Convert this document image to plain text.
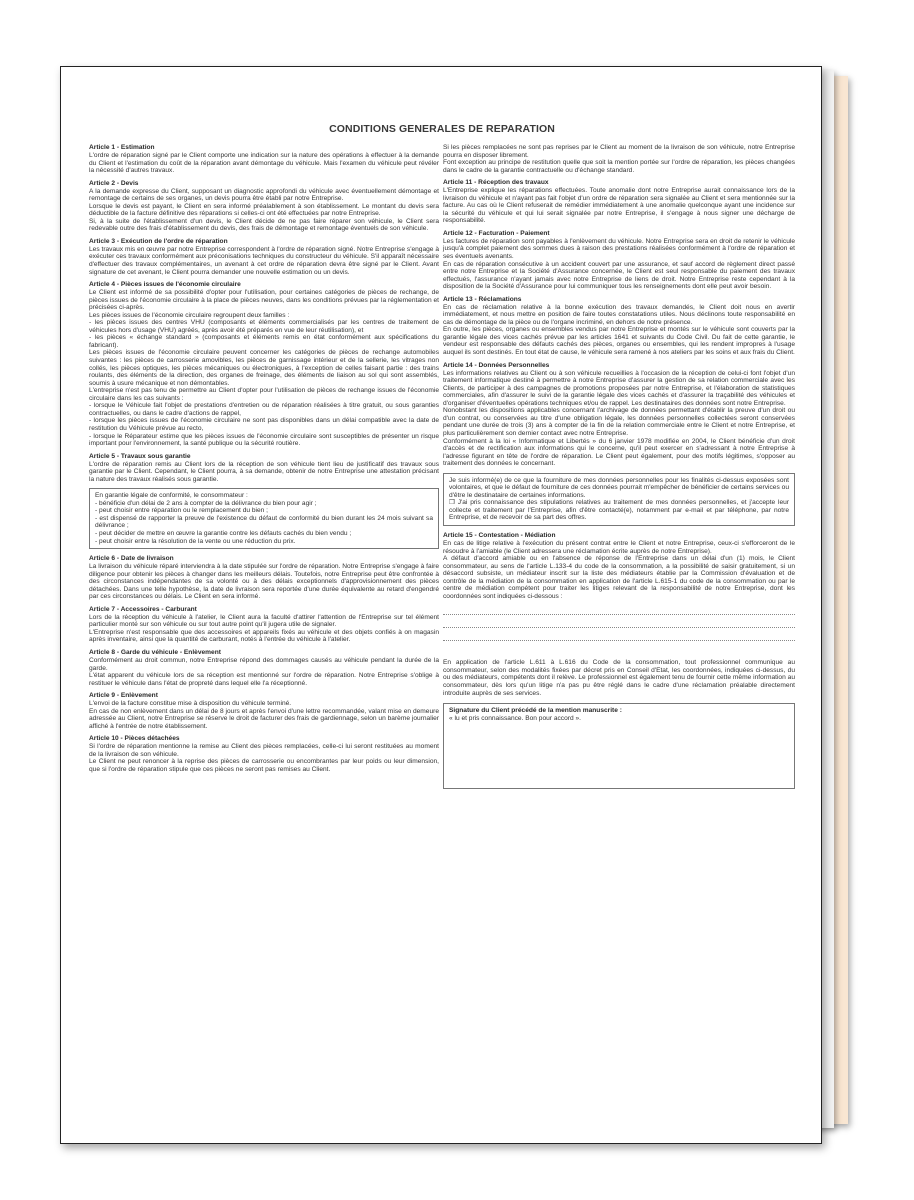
CONDITIONS GENERALES DE REPARATION
Article 1 - Estimation

L'ordre de réparation signé par le Client comporte une indication sur la nature des opérations à effectuer à la demande du Client et l'estimation du coût de la réparation avant démontage du véhicule. Mais l'examen du véhicule peut révéler la nécessité d'autres travaux.

Article 2 - Devis

A la demande expresse du Client, supposant un diagnostic approfondi du véhicule avec éventuellement démontage et remontage de certains de ses organes, un devis pourra être établi par notre Entreprise.

Lorsque le devis est payant, le Client en sera informé préalablement à son établissement. Le montant du devis sera déductible de la facture définitive des réparations si celles-ci ont été effectuées par notre Entreprise.

Si, à la suite de l'établissement d'un devis, le Client décide de ne pas faire réparer son véhicule, le Client sera redevable outre des frais d'établissement du devis, des frais de démontage et remontage éventuels de son véhicule.

Article 3 - Exécution de l'ordre de réparation

Les travaux mis en œuvre par notre Entreprise correspondent à l'ordre de réparation signé. Notre Entreprise s'engage à exécuter ces travaux conformément aux préconisations techniques du constructeur du véhicule. S'il apparaît nécessaire d'effectuer des travaux complémentaires, un avenant à cet ordre de réparation devra être signé par le Client. Avant signature de cet avenant, le Client pourra demander une nouvelle estimation ou un devis.

Article 4 - Pièces issues de l'économie circulaire

Le Client est informé de sa possibilité d'opter pour l'utilisation, pour certaines catégories de pièces de rechange, de pièces issues de l'économie circulaire à la place de pièces neuves, dans les conditions prévues par la réglementation et précisées ci-après.

Les pièces issues de l'économie circulaire regroupent deux familles :

- les pièces issues des centres VHU (composants et éléments commercialisés par les centres de traitement de véhicules hors d'usage (VHU) agréés, après avoir été préparés en vue de leur réutilisation), et

- les pièces « échange standard » (composants et éléments remis en état conformément aux spécifications du fabricant).

Les pièces issues de l'économie circulaire peuvent concerner les catégories de pièces de rechange automobiles suivantes : les pièces de carrosserie amovibles, les pièces de garnissage intérieur et de la sellerie, les vitrages non collés, les pièces optiques, les pièces mécaniques ou électroniques, à l'exception de celles faisant partie : des trains roulants, des éléments de la direction, des organes de freinage, des éléments de liaison au sol qui sont assemblés, soumis à usure mécanique et non démontables.

L'entreprise n'est pas tenu de permettre au Client d'opter pour l'utilisation de pièces de rechange issues de l'économie circulaire dans les cas suivants :

- lorsque le Véhicule fait l'objet de prestations d'entretien ou de réparation réalisées à titre gratuit, ou sous garanties contractuelles, ou dans le cadre d'actions de rappel,

- lorsque les pièces issues de l'économie circulaire ne sont pas disponibles dans un délai compatible avec la date de restitution du Véhicule prévue au recto,

- lorsque le Réparateur estime que les pièces issues de l'économie circulaire sont susceptibles de présenter un risque important pour l'environnement, la santé publique ou la sécurité routière.

Article 5 - Travaux sous garantie

L'ordre de réparation remis au Client lors de la réception de son véhicule tient lieu de justificatif des travaux sous garantie par le Client. Cependant, le Client pourra, à sa demande, obtenir de notre Entreprise une attestation précisant la nature des travaux réalisés sous garantie.

En garantie légale de conformité, le consommateur :

- bénéficie d'un délai de 2 ans à compter de la délivrance du bien pour agir ;

- peut choisir entre réparation ou le remplacement du bien ;

- est dispensé de rapporter la preuve de l'existence du défaut de conformité du bien durant les 24 mois suivant sa délivrance ;

- peut décider de mettre en œuvre la garantie contre les défauts cachés du bien vendu ;

- peut choisir entre la résolution de la vente ou une réduction du prix.

Article 6 - Date de livraison

La livraison du véhicule réparé interviendra à la date stipulée sur l'ordre de réparation. Notre Entreprise s'engage à faire diligence pour obtenir les pièces à changer dans les meilleurs délais. Toutefois, notre Entreprise peut être confrontée à des circonstances indépendantes de sa volonté ou à des délais exceptionnels d'approvisionnement des pièces détachées. Dans une telle hypothèse, la date de livraison sera reportée d'une durée équivalente au retard d'engendré par ces circonstances ou délais. Le Client en sera informé.

Article 7 - Accessoires - Carburant

Lors de la réception du véhicule à l'atelier, le Client aura la faculté d'attirer l'attention de l'Entreprise sur tel élément particulier monté sur son véhicule ou sur tout autre point qu'il jugera utile de signaler.

L'Entreprise n'est responsable que des accessoires et appareils fixés au véhicule et des objets confiés à on magasin après inventaire, ainsi que la quantité de carburant, notés à l'entrée du véhicule à l'atelier.

Article 8 - Garde du véhicule - Enlèvement

Conformément au droit commun, notre Entreprise répond des dommages causés au véhicule pendant la durée de la garde.

L'état apparent du véhicule lors de sa réception est mentionné sur l'ordre de réparation. Notre Entreprise s'oblige à restituer le véhicule dans l'état de propreté dans lequel elle l'a réceptionné.

Article 9 - Enlèvement

L'envoi de la facture constitue mise à disposition du véhicule terminé.

En cas de non enlèvement dans un délai de 8 jours et après l'envoi d'une lettre recommandée, valant mise en demeure adressée au Client, notre Entreprise se réserve le droit de facturer des frais de gardiennage, selon un barème journalier affiché à l'entrée de notre établissement.

Article 10 - Pièces détachées

Si l'ordre de réparation mentionne la remise au Client des pièces remplacées, celle-ci lui seront restituées au moment de la livraison de son véhicule.

Le Client ne peut renoncer à la reprise des pièces de carrosserie ou encombrantes par leur poids ou leur dimension, que si l'ordre de réparation stipule que ces pièces ne seront pas remises au Client.

Si les pièces remplacées ne sont pas reprises par le Client au moment de la livraison de son véhicule, notre Entreprise pourra en disposer librement.

Font exception au principe de restitution quelle que soit la mention portée sur l'ordre de réparation, les pièces changées dans le cadre de la garantie contractuelle ou d'échange standard.

Article 11 - Réception des travaux

L'Entreprise explique les réparations effectuées. Toute anomalie dont notre Entreprise aurait connaissance lors de la livraison du véhicule et n'ayant pas fait l'objet d'un ordre de réparation sera signalée au Client et sera mentionnée sur la facture. Au cas où le Client refuserait de remédier immédiatement à une anomalie quelconque ayant une incidence sur la sécurité du véhicule et qui lui serait signalée par notre Entreprise, il s'engage à nous signer une décharge de responsabilité.

Article 12 - Facturation - Paiement

Les factures de réparation sont payables à l'enlèvement du véhicule. Notre Entreprise sera en droit de retenir le véhicule jusqu'à complet paiement des sommes dues à raison des prestations réalisées conformément à l'ordre de réparation et ses éventuels avenants.

En cas de réparation consécutive à un accident couvert par une assurance, et sauf accord de règlement direct passé entre notre Entreprise et la Société d'Assurance concernée, le Client est seul responsable du paiement des travaux effectués, l'assurance n'ayant jamais avec notre Entreprise de liens de droit. Notre Entreprise reste cependant à la disposition de la Société d'Assurance pour lui communiquer tous les renseignements dont elle peut avoir besoin.

Article 13 - Réclamations

En cas de réclamation relative à la bonne exécution des travaux demandés, le Client doit nous en avertir immédiatement, et nous mettre en position de faire toutes constatations utiles. Nous déclinons toute responsabilité en cas de démontage de la pièce ou de l'organe incriminé, en dehors de notre présence.

En outre, les pièces, organes ou ensembles vendus par notre Entreprise et montés sur le véhicule sont couverts par la garantie légale des vices cachés prévue par les articles 1641 et suivants du Code Civil. Du fait de cette garantie, le vendeur est responsable des défauts cachés des pièces, organes ou ensembles, qui les rendent impropres à l'usage auquel ils sont destinés. En tout état de cause, le véhicule sera ramené à nos ateliers par les soins et aux frais du Client.

Article 14 - Données Personnelles

Les informations relatives au Client ou à son véhicule recueillies à l'occasion de la réception de celui-ci font l'objet d'un traitement informatique destiné à permettre à notre Entreprise d'assurer la gestion de sa relation commerciale avec les Clients, de participer à des campagnes de promotions proposées par notre Entreprise, et l'élaboration de statistiques commerciales, afin d'assurer le suivi de la garantie légale des vices cachés et d'assurer la traçabilité des véhicules et d'organiser d'éventuelles opérations techniques et/ou de rappel. Les destinataires des données sont notre Entreprise.

Nonobstant les dispositions applicables concernant l'archivage de données permettant d'établir la preuve d'un droit ou d'un contrat, ou conservées au titre d'une obligation légale, les données personnelles collectées seront conservées pendant une durée de trois (3) ans à compter de la fin de la relation commerciale entre le Client et notre Entreprise, et plus particulièrement son dernier contact avec notre Entreprise.

Conformément à la loi « Informatique et Libertés » du 6 janvier 1978 modifiée en 2004, le Client bénéficie d'un droit d'accès et de rectification aux informations qui le concerne, qu'il peut exercer en s'adressant à notre Entreprise à l'adresse figurant en tête de l'ordre de réparation. Le Client peut également, pour des motifs légitimes, s'opposer au traitement des données le concernant.

Je suis informé(e) de ce que la fourniture de mes données personnelles pour les finalités ci-dessus exposées sont volontaires, et que le défaut de fourniture de ces données pourrait m'empêcher de bénéficier de certains services ou d'être le destinataire de certaines informations.

❒ J'ai pris connaissance des stipulations relatives au traitement de mes données personnelles, et j'accepte leur collecte et traitement par l'Entreprise, afin d'être contacté(e), notamment par e-mail et par téléphone, par notre Entreprise, et de recevoir de sa part des offres.

Article 15 - Contestation - Médiation

En cas de litige relative à l'exécution du présent contrat entre le Client et notre Entreprise, ceux-ci s'efforceront de le résoudre à l'amiable (le Client adressera une réclamation écrite auprès de notre Entreprise).

A défaut d'accord amiable ou en l'absence de réponse de l'Entreprise dans un délai d'un (1) mois, le Client consommateur, au sens de l'article L.133-4 du code de la consommation, a la possibilité de saisir gratuitement, si un désaccord subsiste, un médiateur inscrit sur la liste des médiateurs établie par la Commission d'évaluation et de contrôle de la médiation de la consommation en application de l'article L.615-1 du code de la consommation ou par le centre de médiation compétent pour traiter les litiges relevant de la responsabilité de notre Entreprise, dont les coordonnées sont indiquées ci-dessous :

En application de l'article L.611 à L.616 du Code de la consommation, tout professionnel communique au consommateur, selon des modalités fixées par décret pris en Conseil d'Etat, les coordonnées, indiquées ci-dessus, du ou des médiateurs, compétents dont il relève. Le professionnel est également tenu de fournir cette même information au consommateur, dès lors qu'un litige n'a pas pu être réglé dans le cadre d'une réclamation préalable directement introduite auprès de ses services.

Signature du Client précédé de la mention manuscrite :
« lu et pris connaissance. Bon pour accord ».
